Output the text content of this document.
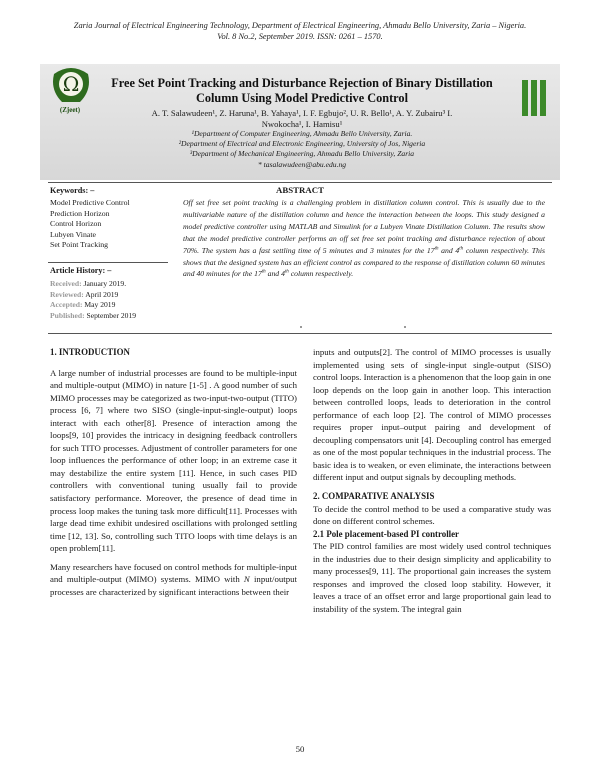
Zaria Journal of Electrical Engineering Technology, Department of Electrical Engineering, Ahmadu Bello University, Zaria – Nigeria.
Vol. 8 No.2, September 2019. ISSN: 0261 – 1570.
Ω
(Zjeet)
Free Set Point Tracking and Disturbance Rejection of Binary Distillation
Column Using Model Predictive Control
A. T. Salawudeen¹, Z. Haruna¹, B. Yahaya¹, I. F. Egbujo², U. R. Bello¹, A. Y. Zubairu³ I.
Nwokocha¹, I. Hamisu¹
¹Department of Computer Engineering, Ahmadu Bello University, Zaria.
²Department of Electrical and Electronic Engineering, University of Jos, Nigeria
³Department of Mechanical Engineering, Ahmadu Bello University, Zaria
* tasalawudeen@abu.edu.ng
Keywords: –
Model Predictive Control
Prediction Horizon
Control Horizon
Lubyen Vinate
Set Point Tracking
Article History: –
Received: January 2019.
Reviewed: April 2019
Accepted: May 2019
Published: September 2019
ABSTRACT
Off set free set point tracking is a challenging problem in distillation column control. This is usually due to the multivariable nature of the distillation column and hence the interaction between the loops. This study designed a model predictive controller using MATLAB and Simulink for a Lubyen Vinate Distillation Column. The results show that the model predictive controller performs an off set free set point tracking and disturbance rejection of about 70%. The system has a fast settling time of 5 minutes and 3 minutes for the 17th and 4th column respectively. This shows that the designed system has an efficient control as compared to the response of distillation column 60 minutes and 40 minutes for the 17th and 4th column respectively.

1. INTRODUCTION

A large number of industrial processes are found to be multiple-input and multiple-output (MIMO) in nature [1-5] . A good number of such MIMO processes may be categorized as two-input-two-output (TITO) process [6, 7] where two SISO (single-input-single-output) loops interact with each other[8]. Presence of interaction among the loops[9, 10] provides the intricacy in designing feedback controllers for such TITO processes. Adjustment of controller parameters for one loop influences the performance of other loop; in an extreme case it may destabilize the entire system [11]. Hence, in such cases PID controllers with conventional tuning usually fail to provide satisfactory performance. Moreover, the presence of dead time in process loop makes the tuning task more difficult[11]. Processes with large dead time exhibit undesired oscillations with prolonged settling time [12, 13]. So, controlling such TITO loops with time delays is an open problem[11].

Many researchers have focused on control methods for multiple-input and multiple-output (MIMO) systems. MIMO with N input/output processes are characterized by significant interactions between their

inputs and outputs[2]. The control of MIMO processes is usually implemented using sets of single-input single-output (SISO) control loops. Interaction is a phenomenon that the loop gain in one loop depends on the loop gain in another loop. This interaction between controlled loops, leads to deterioration in the control performance of each loop [2]. The control of MIMO processes requires proper input–output pairing and development of decoupling compensators unit [4]. Decoupling control has emerged as one of the most popular techniques in the industrial process. The basic idea is to weaken, or even eliminate, the interactions between different input and output signals by decoupling methods.

2. COMPARATIVE ANALYSIS

To decide the control method to be used a comparative study was done on different control schemes.

2.1 Pole placement-based PI controller

The PID control families are most widely used control techniques in the industries due to their design simplicity and applicability to many processes[9, 11]. The proportional gain increases the system responses and improved the closed loop stability. However, it leaves a trace of an offset error and large proportional gain lead to instability of the system. The integral gain

50
